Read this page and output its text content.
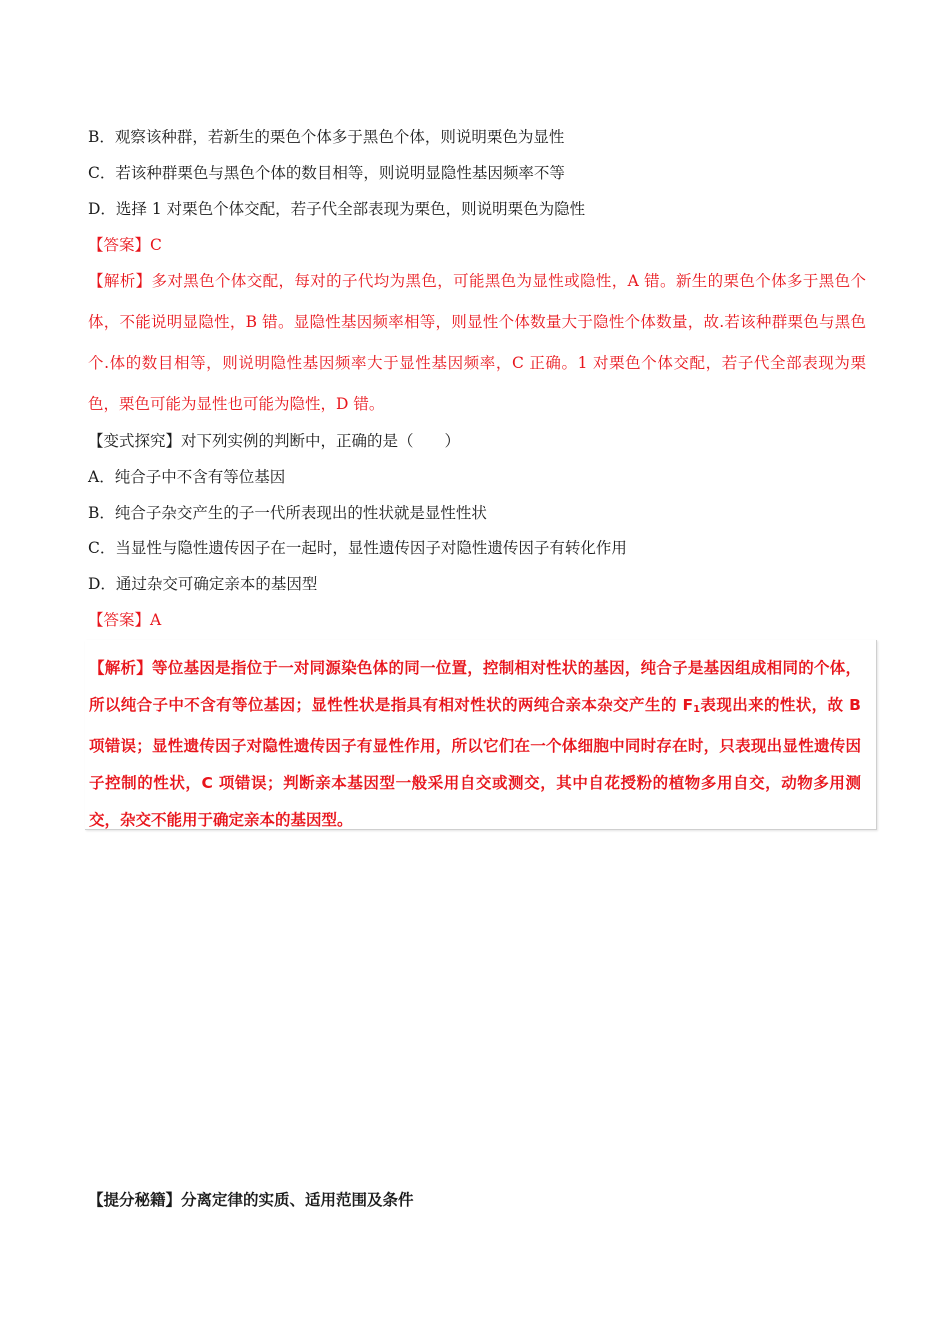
B．观察该种群，若新生的栗色个体多于黑色个体，则说明栗色为显性
C．若该种群栗色与黑色个体的数目相等，则说明显隐性基因频率不等
D．选择 1 对栗色个体交配，若子代全部表现为栗色，则说明栗色为隐性
【答案】C
【解析】多对黑色个体交配，每对的子代均为黑色，可能黑色为显性或隐性，A 错。新生的栗色个体多于黑色个体，不能说明显隐性，B 错。显隐性基因频率相等，则显性个体数量大于隐性个体数量，故.若该种群栗色与黑色个.体的数目相等，则说明隐性基因频率大于显性基因频率，C 正确。1 对栗色个体交配，若子代全部表现为栗色，栗色可能为显性也可能为隐性，D 错。
【变式探究】对下列实例的判断中，正确的是（　　）
A．纯合子中不含有等位基因
B．纯合子杂交产生的子一代所表现出的性状就是显性性状
C．当显性与隐性遗传因子在一起时，显性遗传因子对隐性遗传因子有转化作用
D．通过杂交可确定亲本的基因型
【答案】A
【解析】等位基因是指位于一对同源染色体的同一位置，控制相对性状的基因，纯合子是基因组成相同的个体，所以纯合子中不含有等位基因；显性性状是指具有相对性状的两纯合亲本杂交产生的 $F_1$表现出来的性状，故 B 项错误；显性遗传因子对隐性遗传因子有显性作用，所以它们在一个体细胞中同时存在时，只表现出显性遗传因子控制的性状，C 项错误；判断亲本基因型一般采用自交或测交，其中自花授粉的植物多用自交，动物多用测交，杂交不能用于确定亲本的基因型。
【提分秘籍】分离定律的实质、适用范围及条件
